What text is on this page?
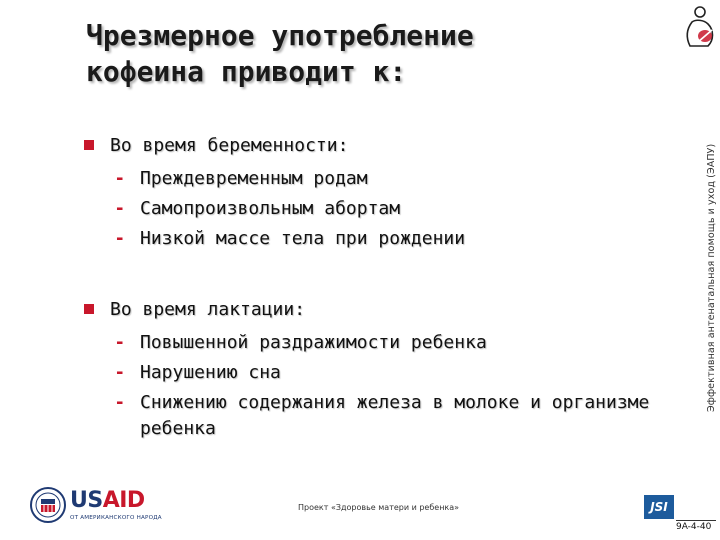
Чрезмерное употребление
кофеина приводит к:
Эффективная антенатальная помощь и уход (ЭАПУ)
Во время беременности:
- Преждевременным родам
- Самопроизвольным абортам
- Низкой массе тела при рождении
Во время лактации:
- Повышенной раздражимости ребенка
- Нарушению сна
- Снижению содержания железа в молоке и организме ребенка
USAID
ОТ АМЕРИКАНСКОГО НАРОДА
Проект «Здоровье матери и ребенка»	JSI
9A-4-40
